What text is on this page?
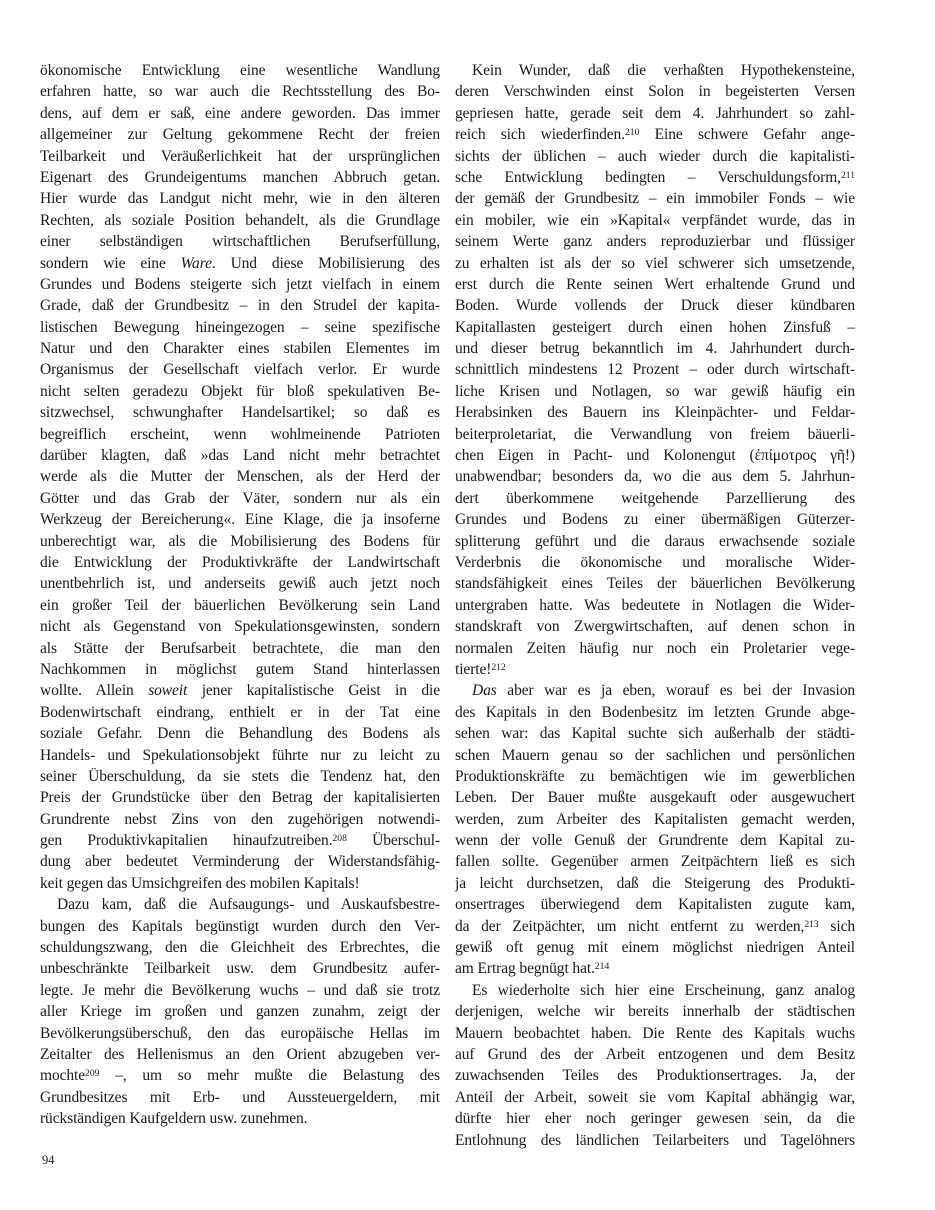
ökonomische Entwicklung eine wesentliche Wandlung
erfahren hatte, so war auch die Rechtsstellung des Bo-
dens, auf dem er saß, eine andere geworden. Das immer
allgemeiner zur Geltung gekommene Recht der freien
Teilbarkeit und Veräußerlichkeit hat der ursprünglichen
Eigenart des Grundeigentums manchen Abbruch getan.
Hier wurde das Landgut nicht mehr, wie in den älteren
Rechten, als soziale Position behandelt, als die Grundlage
einer selbständigen wirtschaftlichen Berufserfüllung,
sondern wie eine Ware. Und diese Mobilisierung des
Grundes und Bodens steigerte sich jetzt vielfach in einem
Grade, daß der Grundbesitz – in den Strudel der kapita-
listischen Bewegung hineingezogen – seine spezifische
Natur und den Charakter eines stabilen Elementes im
Organismus der Gesellschaft vielfach verlor. Er wurde
nicht selten geradezu Objekt für bloß spekulativen Be-
sitzwechsel, schwunghafter Handelsartikel; so daß es
begreiflich erscheint, wenn wohlmeinende Patrioten
darüber klagten, daß »das Land nicht mehr betrachtet
werde als die Mutter der Menschen, als der Herd der
Götter und das Grab der Väter, sondern nur als ein
Werkzeug der Bereicherung«. Eine Klage, die ja insoferne
unberechtigt war, als die Mobilisierung des Bodens für
die Entwicklung der Produktivkräfte der Landwirtschaft
unentbehrlich ist, und anderseits gewiß auch jetzt noch
ein großer Teil der bäuerlichen Bevölkerung sein Land
nicht als Gegenstand von Spekulationsgewinsten, sondern
als Stätte der Berufsarbeit betrachtete, die man den
Nachkommen in möglichst gutem Stand hinterlassen
wollte. Allein soweit jener kapitalistische Geist in die
Bodenwirtschaft eindrang, enthielt er in der Tat eine
soziale Gefahr. Denn die Behandlung des Bodens als
Handels- und Spekulationsobjekt führte nur zu leicht zu
seiner Überschuldung, da sie stets die Tendenz hat, den
Preis der Grundstücke über den Betrag der kapitalisierten
Grundrente nebst Zins von den zugehörigen notwendi-
gen Produktivkapitalien hinaufzutreiben.$^{208}$ Überschul-
dung aber bedeutet Verminderung der Widerstandsfähig-
keit gegen das Umsichgreifen des mobilen Kapitals!
Dazu kam, daß die Aufsaugungs- und Auskaufsbestre-
bungen des Kapitals begünstigt wurden durch den Ver-
schuldungszwang, den die Gleichheit des Erbrechtes, die
unbeschränkte Teilbarkeit usw. dem Grundbesitz aufer-
legte. Je mehr die Bevölkerung wuchs – und daß sie trotz
aller Kriege im großen und ganzen zunahm, zeigt der
Bevölkerungsüberschuß, den das europäische Hellas im
Zeitalter des Hellenismus an den Orient abzugeben ver-
mochte$^{209}$ –, um so mehr mußte die Belastung des
Grundbesitzes mit Erb- und Aussteuergeldern, mit
rückständigen Kaufgeldern usw. zunehmen.
Kein Wunder, daß die verhaßten Hypothekensteine,
deren Verschwinden einst Solon in begeisterten Versen
gepriesen hatte, gerade seit dem 4. Jahrhundert so zahl-
reich sich wiederfinden.$^{210}$ Eine schwere Gefahr ange-
sichts der üblichen – auch wieder durch die kapitalisti-
sche Entwicklung bedingten – Verschuldungsform,$^{211}$
der gemäß der Grundbesitz – ein immobiler Fonds – wie
ein mobiler, wie ein »Kapital« verpfändet wurde, das in
seinem Werte ganz anders reproduzierbar und flüssiger
zu erhalten ist als der so viel schwerer sich umsetzende,
erst durch die Rente seinen Wert erhaltende Grund und
Boden. Wurde vollends der Druck dieser kündbaren
Kapitallasten gesteigert durch einen hohen Zinsfuß –
und dieser betrug bekanntlich im 4. Jahrhundert durch-
schnittlich mindestens 12 Prozent – oder durch wirtschaft-
liche Krisen und Notlagen, so war gewiß häufig ein
Herabsinken des Bauern ins Kleinpächter- und Feldar-
beiterproletariat, die Verwandlung von freiem bäuerli-
chen Eigen in Pacht- und Kolonengut (ἐπίμοτρος γῆ!)
unabwendbar; besonders da, wo die aus dem 5. Jahrhun-
dert überkommene weitgehende Parzellierung des
Grundes und Bodens zu einer übermäßigen Güterzer-
splitterung geführt und die daraus erwachsende soziale
Verderbnis die ökonomische und moralische Wider-
standsfähigkeit eines Teiles der bäuerlichen Bevölkerung
untergraben hatte. Was bedeutete in Notlagen die Wider-
standskraft von Zwergwirtschaften, auf denen schon in
normalen Zeiten häufig nur noch ein Proletarier vege-
tierte!$^{212}$
Das aber war es ja eben, worauf es bei der Invasion
des Kapitals in den Bodenbesitz im letzten Grunde abge-
sehen war: das Kapital suchte sich außerhalb der städti-
schen Mauern genau so der sachlichen und persönlichen
Produktionskräfte zu bemächtigen wie im gewerblichen
Leben. Der Bauer mußte ausgekauft oder ausgewuchert
werden, zum Arbeiter des Kapitalisten gemacht werden,
wenn der volle Genuß der Grundrente dem Kapital zu-
fallen sollte. Gegenüber armen Zeitpächtern ließ es sich
ja leicht durchsetzen, daß die Steigerung des Produkti-
onsertrages überwiegend dem Kapitalisten zugute kam,
da der Zeitpächter, um nicht entfernt zu werden,$^{213}$ sich
gewiß oft genug mit einem möglichst niedrigen Anteil
am Ertrag begnügt hat.$^{214}$
Es wiederholte sich hier eine Erscheinung, ganz analog
derjenigen, welche wir bereits innerhalb der städtischen
Mauern beobachtet haben. Die Rente des Kapitals wuchs
auf Grund des der Arbeit entzogenen und dem Besitz
zuwachsenden Teiles des Produktionsertrages. Ja, der
Anteil der Arbeit, soweit sie vom Kapital abhängig war,
dürfte hier eher noch geringer gewesen sein, da die
Entlohnung des ländlichen Teilarbeiters und Tagelöhners
94
